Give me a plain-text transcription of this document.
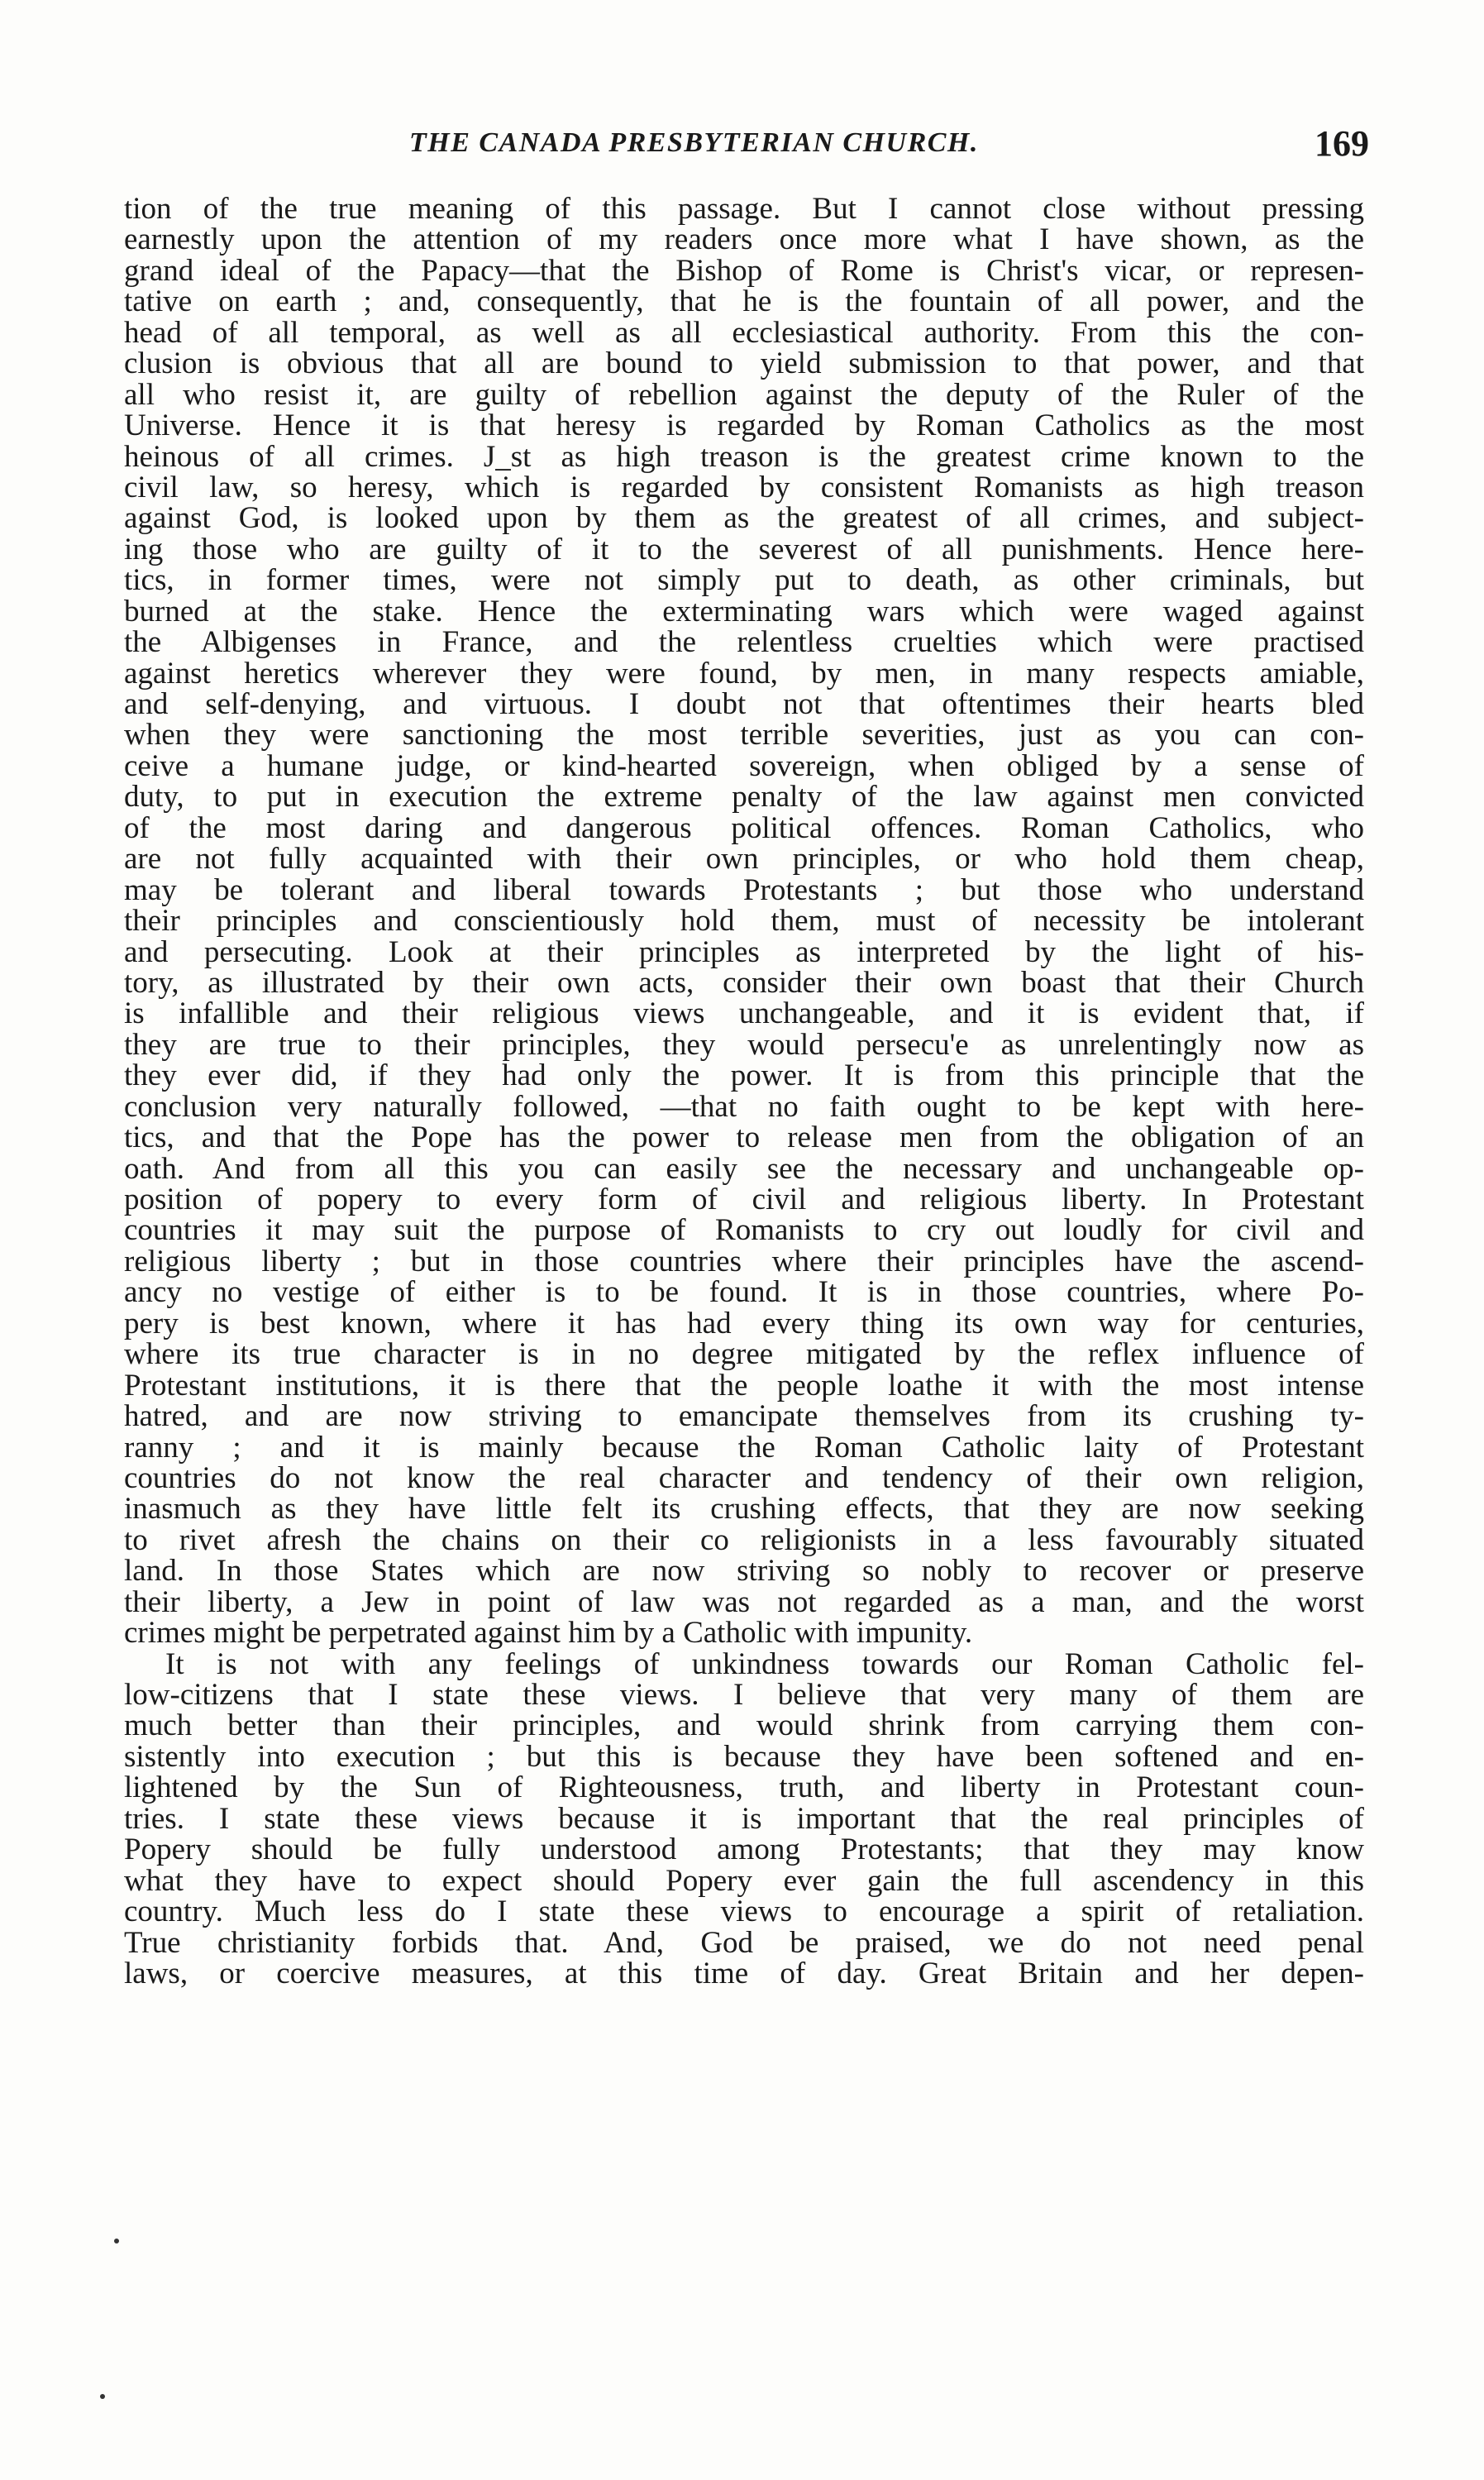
THE CANADA PRESBYTERIAN CHURCH.	169
tion of the true meaning of this passage. But I cannot close without pressing
earnestly upon the attention of my readers once more what I have shown, as the
grand ideal of the Papacy—that the Bishop of Rome is Christ's vicar, or represen-
tative on earth ; and, consequently, that he is the fountain of all power, and the
head of all temporal, as well as all ecclesiastical authority. From this the con-
clusion is obvious that all are bound to yield submission to that power, and that
all who resist it, are guilty of rebellion against the deputy of the Ruler of the
Universe. Hence it is that heresy is regarded by Roman Catholics as the most
heinous of all crimes. J_st as high treason is the greatest crime known to the
civil law, so heresy, which is regarded by consistent Romanists as high treason
against God, is looked upon by them as the greatest of all crimes, and subject-
ing those who are guilty of it to the severest of all punishments. Hence here-
tics, in former times, were not simply put to death, as other criminals, but
burned at the stake. Hence the exterminating wars which were waged against
the Albigenses in France, and the relentless cruelties which were practised
against heretics wherever they were found, by men, in many respects amiable,
and self-denying, and virtuous. I doubt not that oftentimes their hearts bled
when they were sanctioning the most terrible severities, just as you can con-
ceive a humane judge, or kind-hearted sovereign, when obliged by a sense of
duty, to put in execution the extreme penalty of the law against men convicted
of the most daring and dangerous political offences. Roman Catholics, who
are not fully acquainted with their own principles, or who hold them cheap,
may be tolerant and liberal towards Protestants ; but those who understand
their principles and conscientiously hold them, must of necessity be intolerant
and persecuting. Look at their principles as interpreted by the light of his-
tory, as illustrated by their own acts, consider their own boast that their Church
is infallible and their religious views unchangeable, and it is evident that, if
they are true to their principles, they would persecu'e as unrelentingly now as
they ever did, if they had only the power. It is from this principle that the
conclusion very naturally followed, —that no faith ought to be kept with here-
tics, and that the Pope has the power to release men from the obligation of an
oath. And from all this you can easily see the necessary and unchangeable op-
position of popery to every form of civil and religious liberty. In Protestant
countries it may suit the purpose of Romanists to cry out loudly for civil and
religious liberty ; but in those countries where their principles have the ascend-
ancy no vestige of either is to be found. It is in those countries, where Po-
pery is best known, where it has had every thing its own way for centuries,
where its true character is in no degree mitigated by the reflex influence of
Protestant institutions, it is there that the people loathe it with the most intense
hatred, and are now striving to emancipate themselves from its crushing ty-
ranny ; and it is mainly because the Roman Catholic laity of Protestant
countries do not know the real character and tendency of their own religion,
inasmuch as they have little felt its crushing effects, that they are now seeking
to rivet afresh the chains on their co religionists in a less favourably situated
land. In those States which are now striving so nobly to recover or preserve
their liberty, a Jew in point of law was not regarded as a man, and the worst
crimes might be perpetrated against him by a Catholic with impunity.
It is not with any feelings of unkindness towards our Roman Catholic fel-
low-citizens that I state these views. I believe that very many of them are
much better than their principles, and would shrink from carrying them con-
sistently into execution ; but this is because they have been softened and en-
lightened by the Sun of Righteousness, truth, and liberty in Protestant coun-
tries. I state these views because it is important that the real principles of
Popery should be fully understood among Protestants; that they may know
what they have to expect should Popery ever gain the full ascendency in this
country. Much less do I state these views to encourage a spirit of retaliation.
True christianity forbids that. And, God be praised, we do not need penal
laws, or coercive measures, at this time of day. Great Britain and her depen-
